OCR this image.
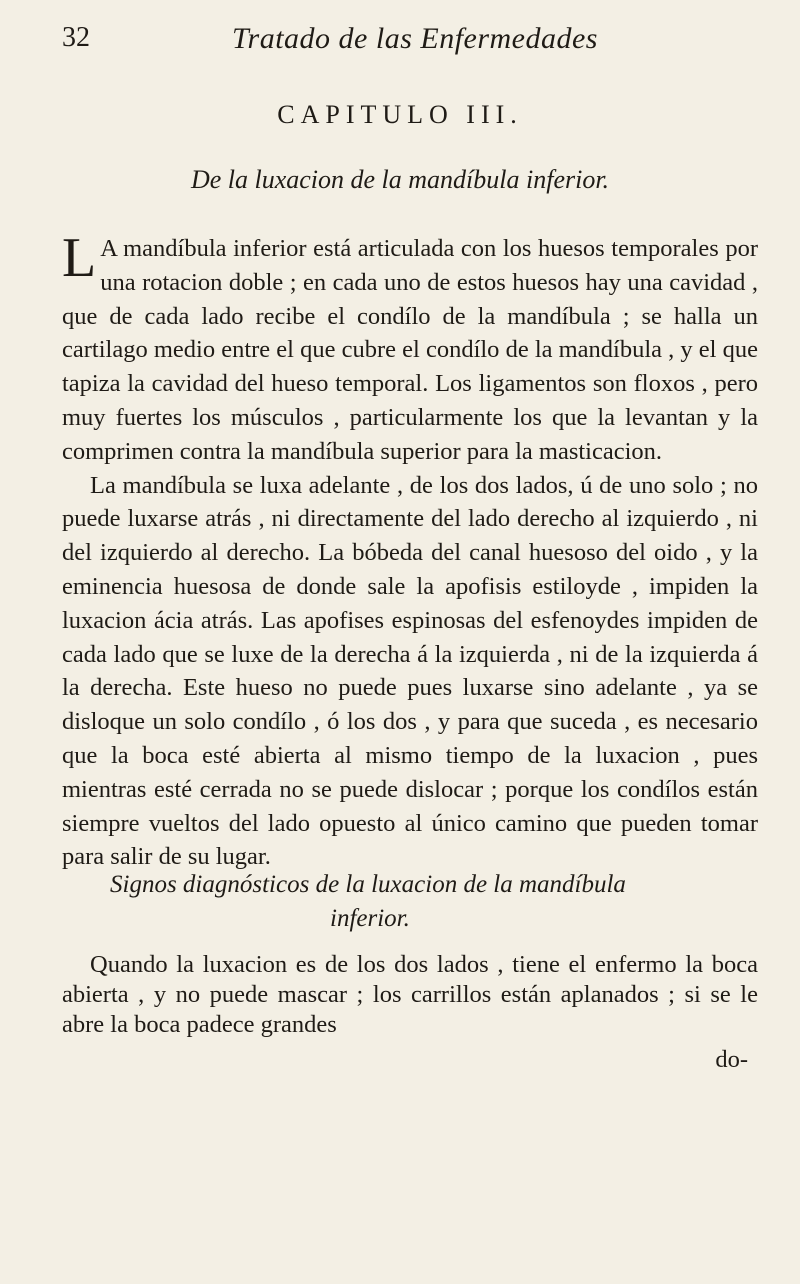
32	Tratado de las Enfermedades
CAPITULO III.
De la luxacion de la mandíbula inferior.

L A mandíbula inferior está articulada con los huesos temporales por una rotacion doble ; en cada uno de estos huesos hay una cavidad , que de cada lado recibe el condílo de la mandíbula ; se halla un cartilago medio entre el que cubre el condílo de la mandíbula , y el que tapiza la cavidad del hueso temporal. Los ligamentos son floxos , pero muy fuertes los músculos , particularmente los que la levantan y la comprimen contra la mandíbula superior para la masticacion.

La mandíbula se luxa adelante , de los dos lados, ú de uno solo ; no puede luxarse atrás , ni directamente del lado derecho al izquierdo , ni del izquierdo al derecho. La bóbeda del canal huesoso del oido , y la eminencia huesosa de donde sale la apofisis estiloyde , impiden la luxacion ácia atrás. Las apofises espinosas del esfenoydes impiden de cada lado que se luxe de la derecha á la izquierda , ni de la izquierda á la derecha. Este hueso no puede pues luxarse sino adelante , ya se disloque un solo condílo , ó los dos , y para que suceda , es necesario que la boca esté abierta al mismo tiempo de la luxacion , pues mientras esté cerrada no se puede dislocar ; porque los condílos están siempre vueltos del lado opuesto al único camino que pueden tomar para salir de su lugar.

Signos diagnósticos de la luxacion de la mandíbula
inferior.

Quando la luxacion es de los dos lados , tiene el enfermo la boca abierta , y no puede mascar ; los carrillos están aplanados ; si se le abre la boca padece grandes

do-
